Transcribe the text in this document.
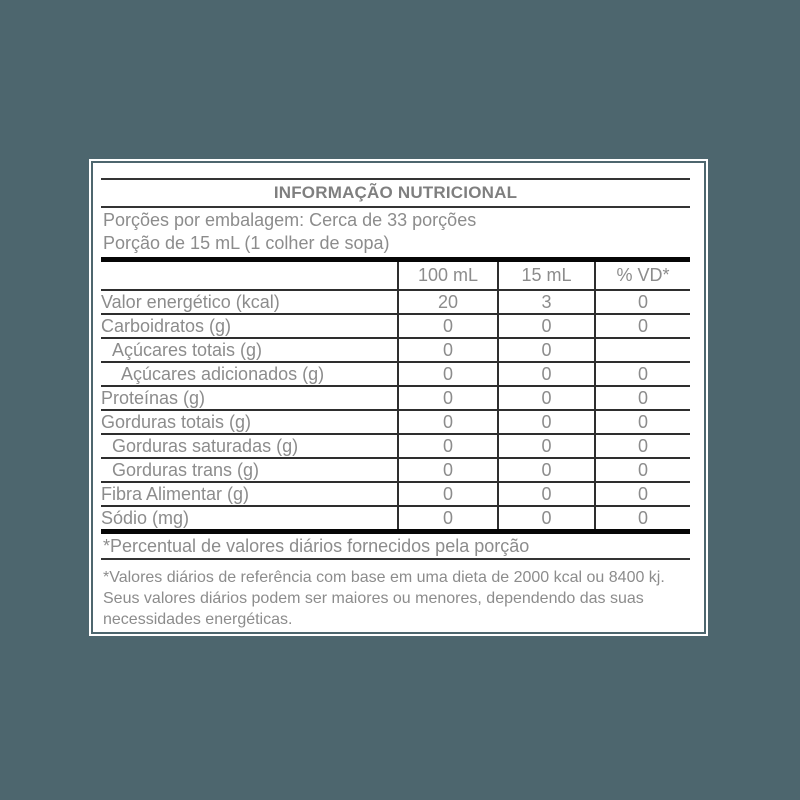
INFORMAÇÃO NUTRICIONAL
Porções por embalagem: Cerca de 33 porções
Porção de 15 mL (1 colher de sopa)
	100 mL	15 mL	% VD*
Valor energético (kcal)	20	3	0
Carboidratos (g)	0	0	0
Açúcares totais (g)	0	0	
Açúcares adicionados (g)	0	0	0
Proteínas (g)	0	0	0
Gorduras totais (g)	0	0	0
Gorduras saturadas (g)	0	0	0
Gorduras trans (g)	0	0	0
Fibra Alimentar (g)	0	0	0
Sódio (mg)	0	0	0
*Percentual de valores diários fornecidos pela porção
*Valores diários de referência com base em uma dieta de 2000 kcal ou 8400 kj.
Seus valores diários podem ser maiores ou menores, dependendo das suas
necessidades energéticas.
